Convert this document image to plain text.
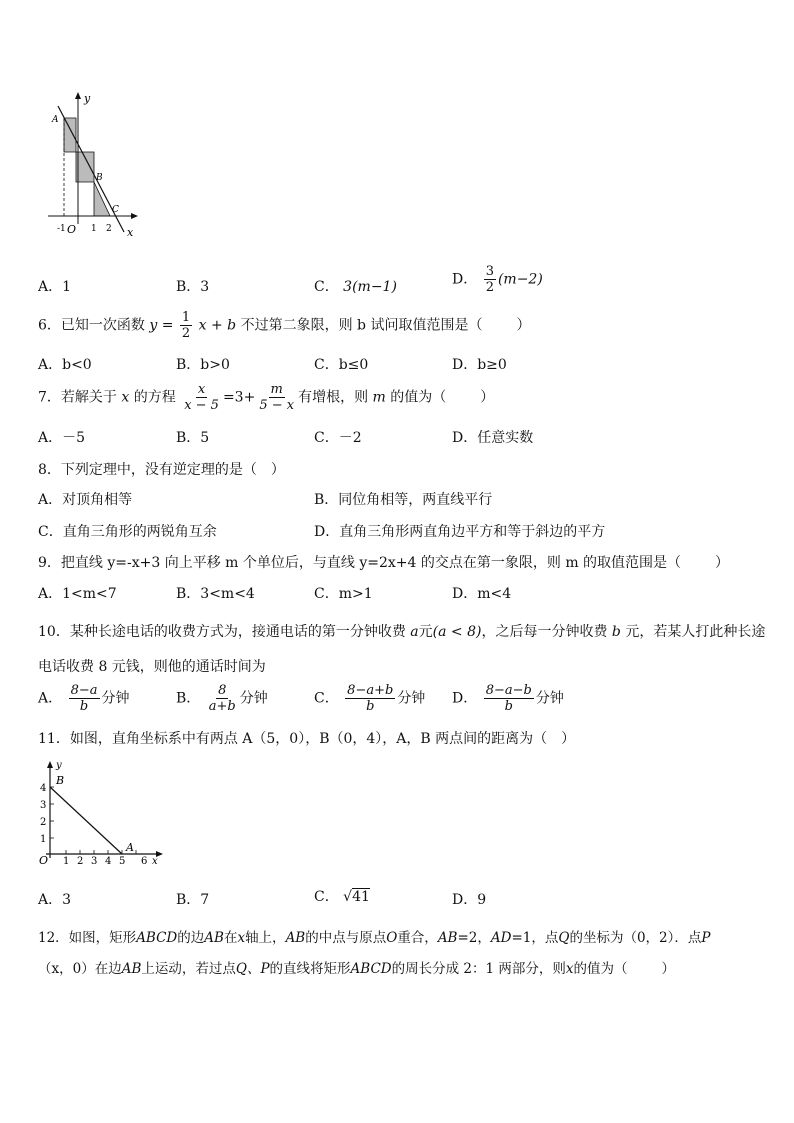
y
A
B
C
-1 O 1 2 x
A．1	B．3	C． 3(m−1)	D． $\frac{3}{2} (m-2)$
6．已知一次函数 $y = \frac{1}{2}$ x + b 不过第二象限，则 b 试问取值范围是（ ）
A．b<0	B．b>0	C．b≤0	D．b≥0
7．若解关于 x 的方程 $\frac{x}{x - 5} =3+ \frac{m}{5 - x}$ 有增根，则 m 的值为（ ）
A．－5	B．5	C．－2	D．任意实数
8．下列定理中，没有逆定理的是（　）
A．对顶角相等	B．同位角相等，两直线平行
C．直角三角形的两锐角互余	D．直角三角形两直角边平方和等于斜边的平方
9．把直线 y=-x+3 向上平移 m 个单位后，与直线 y=2x+4 的交点在第一象限，则 m 的取值范围是（ ）
A．1<m<7	B．3<m<4	C．m>1	D．m<4
10．某种长途电话的收费方式为，接通电话的第一分钟收费 a元(a < 8)，之后每一分钟收费 b 元，若某人打此种长途
电话收费 8 元钱，则他的通话时间为
A． $\frac{8-a}{b}$ 分钟	B． $\frac{8}{a+b}$ 分钟	C． $\frac{8-a+b}{b}$ 分钟 D． $\frac{8-a-b}{b}$ 分钟
11．如图，直角坐标系中有两点 A（5，0），B（0，4），A，B 两点间的距离为（　）
y
B
4
3
2
1
O 1 2 3 4 5
A
6 x
A．3	B．7	C． √41	D．9
12．如图，矩形ABCD的边AB在x轴上，AB的中点与原点O重合，AB=2，AD=1，点Q的坐标为（0，2）．点P
（x，0）在边AB上运动，若过点Q、P的直线将矩形ABCD的周长分成 2：1 两部分，则x的值为（	）
